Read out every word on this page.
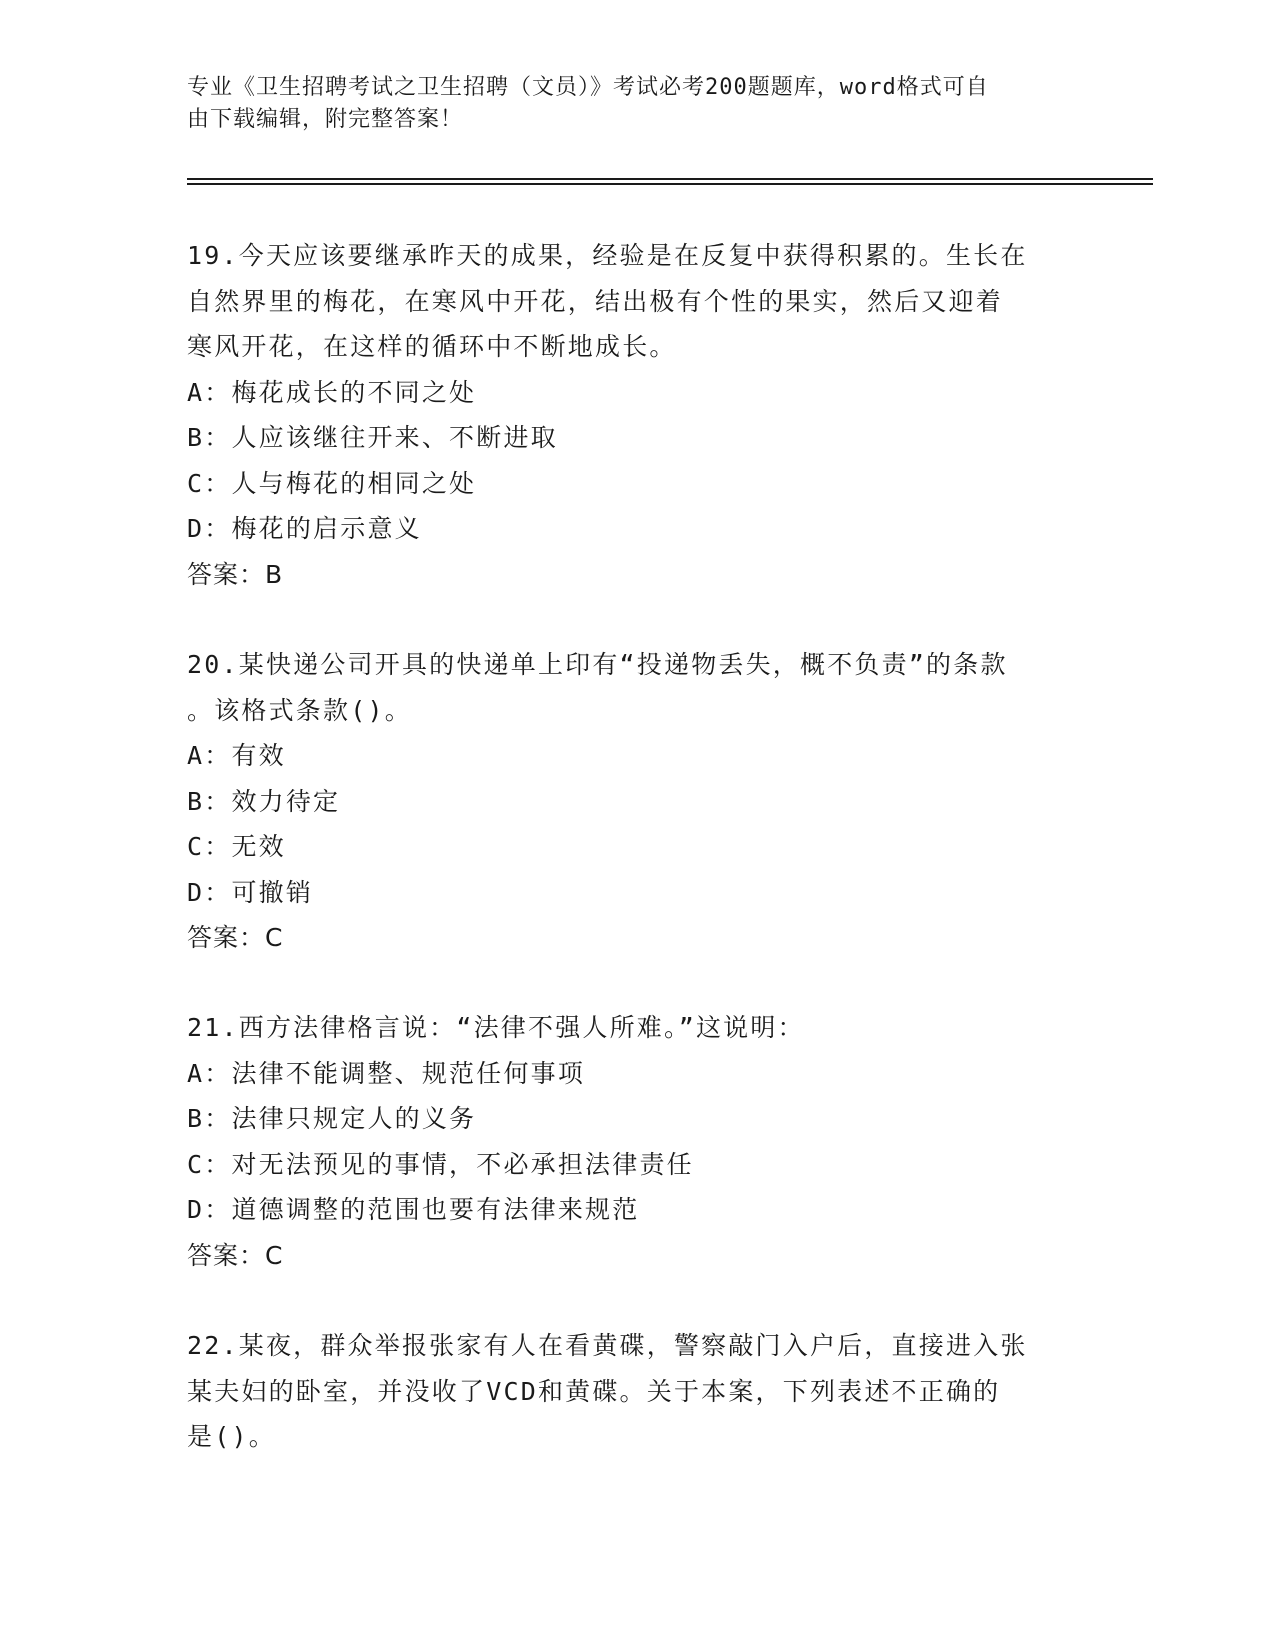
专业《卫生招聘考试之卫生招聘（文员）》考试必考200题题库，word格式可自
由下载编辑，附完整答案！

19.今天应该要继承昨天的成果，经验是在反复中获得积累的。生长在

自然界里的梅花，在寒风中开花，结出极有个性的果实，然后又迎着

寒风开花，在这样的循环中不断地成长。

A：梅花成长的不同之处

B：人应该继往开来、不断进取

C：人与梅花的相同之处

D：梅花的启示意义

答案：B

20.某快递公司开具的快递单上印有“投递物丢失，概不负责”的条款

。该格式条款()。

A：有效

B：效力待定

C：无效

D：可撤销

答案：C

21.西方法律格言说：“法律不强人所难。”这说明：

A：法律不能调整、规范任何事项

B：法律只规定人的义务

C：对无法预见的事情，不必承担法律责任

D：道德调整的范围也要有法律来规范

答案：C

22.某夜，群众举报张家有人在看黄碟，警察敲门入户后，直接进入张

某夫妇的卧室，并没收了VCD和黄碟。关于本案，下列表述不正确的

是()。
